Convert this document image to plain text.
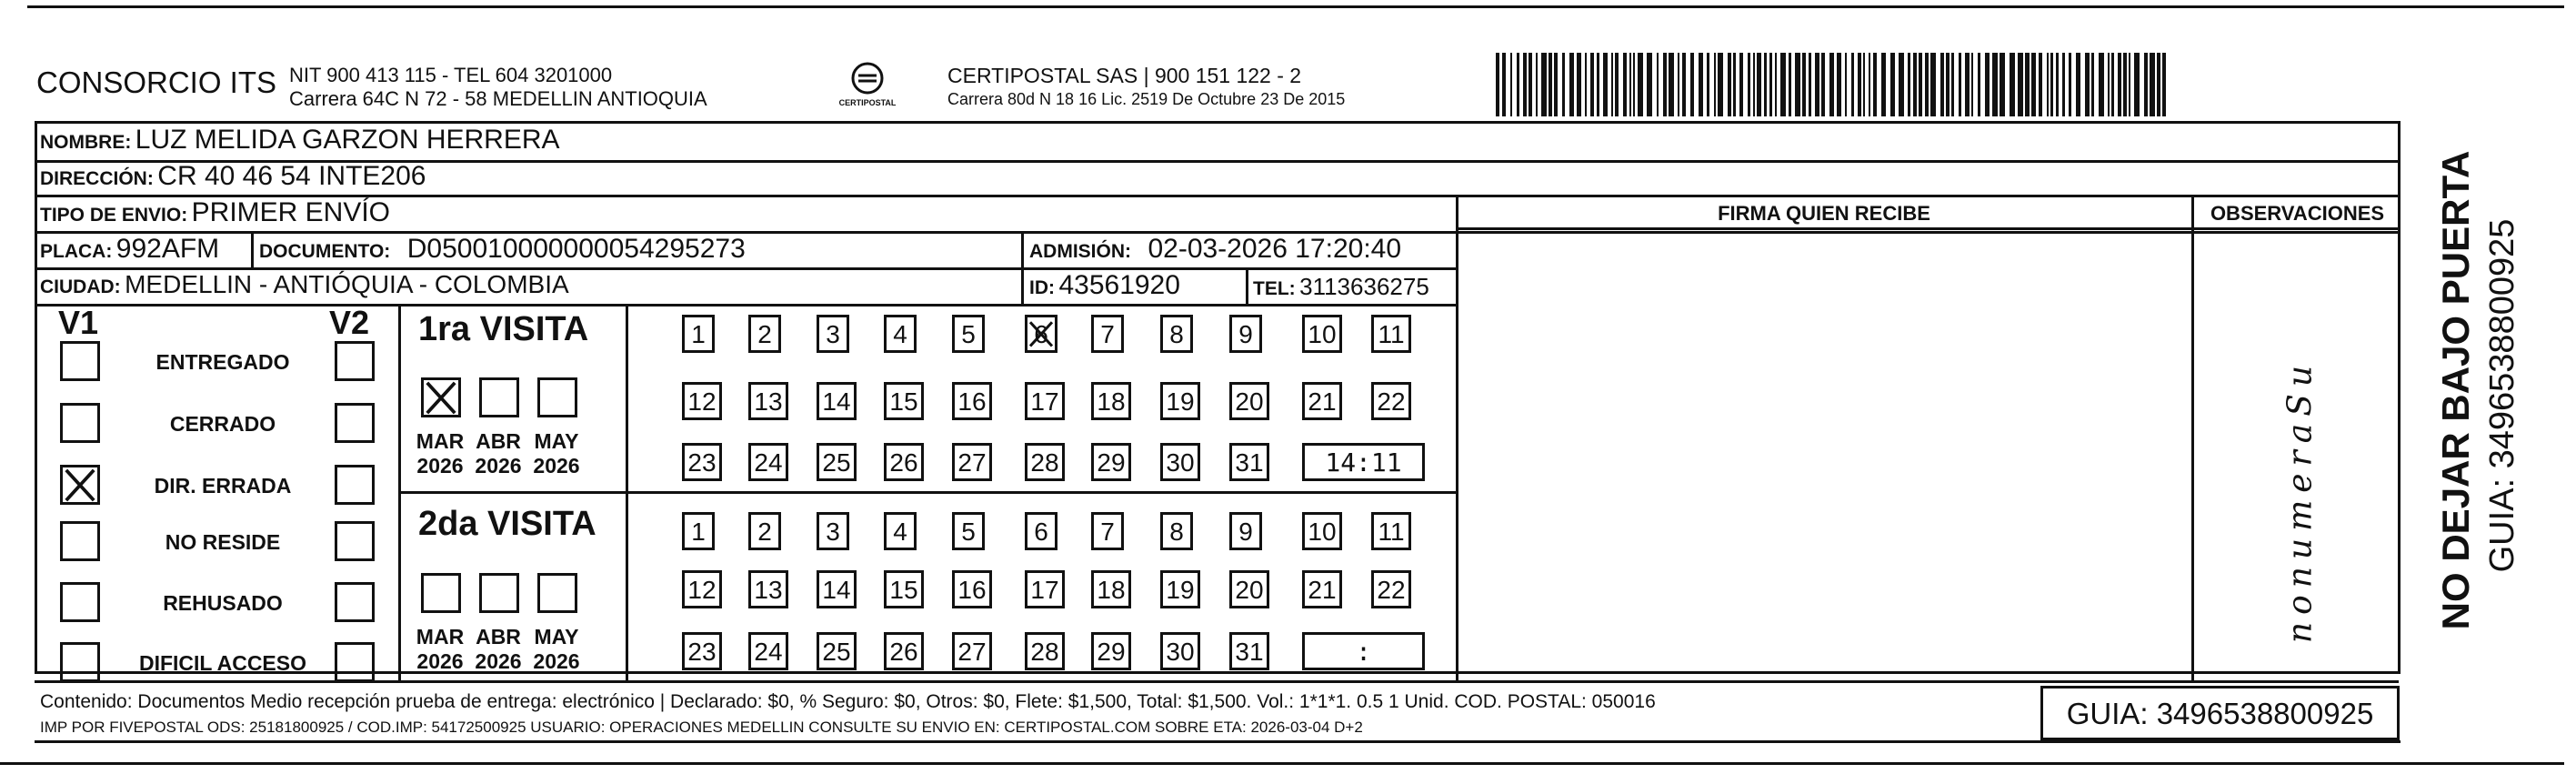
CONSORCIO ITS NIT 900 413 115 - TEL 604 3201000
Carrera 64C N 72 - 58 MEDELLIN ANTIOQUIA	CERTIPOSTAL
CERTIPOSTAL SAS | 900 151 122 - 2
Carrera 80d N 18 16 Lic. 2519 De Octubre 23 De 2015
NOMBRE: LUZ MELIDA GARZON HERRERA
DIRECCIÓN: CR 40 46 54 INTE206
TIPO DE ENVIO: PRIMER ENVÍO	FIRMA QUIEN RECIBE	OBSERVACIONES
nonumeraSu
PLACA: 992AFM DOCUMENTO: D050010000000054295273	ADMISIÓN: 02-03-2026 17:20:40
CIUDAD: MEDELLIN - ANTIÓQUIA - COLOMBIA	ID: 43561920	TEL: 3113636275
V1	V2
ENTREGADO
CERRADO
DIR. ERRADA
NO RESIDE
REHUSADO
DIFICIL ACCESO
1ra VISITA
2da VISITA
MAR
2026
ABR
2026
MAY
2026
MAR
2026
ABR
2026
MAY
2026
1	2	3	4	5	6	7	8	9	10 11
12 13 14 15 16 17 18 19 20 21 22
23 24 25 26 27 28 29 30 31	14:11
1	2	3	4	5	6	7	8	9	10 11
12 13 14 15 16 17 18 19 20 21 22
23 24 25 26 27 28 29 30 31	:
Contenido: Documentos Medio recepción prueba de entrega: electrónico | Declarado: $0, % Seguro: $0, Otros: $0, Flete: $1,500, Total: $1,500. Vol.: 1*1*1. 0.5 1 Unid. COD. POSTAL: 050016
IMP POR FIVEPOSTAL ODS: 25181800925 / COD.IMP: 54172500925 USUARIO: OPERACIONES MEDELLIN CONSULTE SU ENVIO EN: CERTIPOSTAL.COM SOBRE ETA: 2026-03-04 D+2	GUIA: 3496538800925
NO DEJAR BAJO PUERTA GUIA: 3496538800925
